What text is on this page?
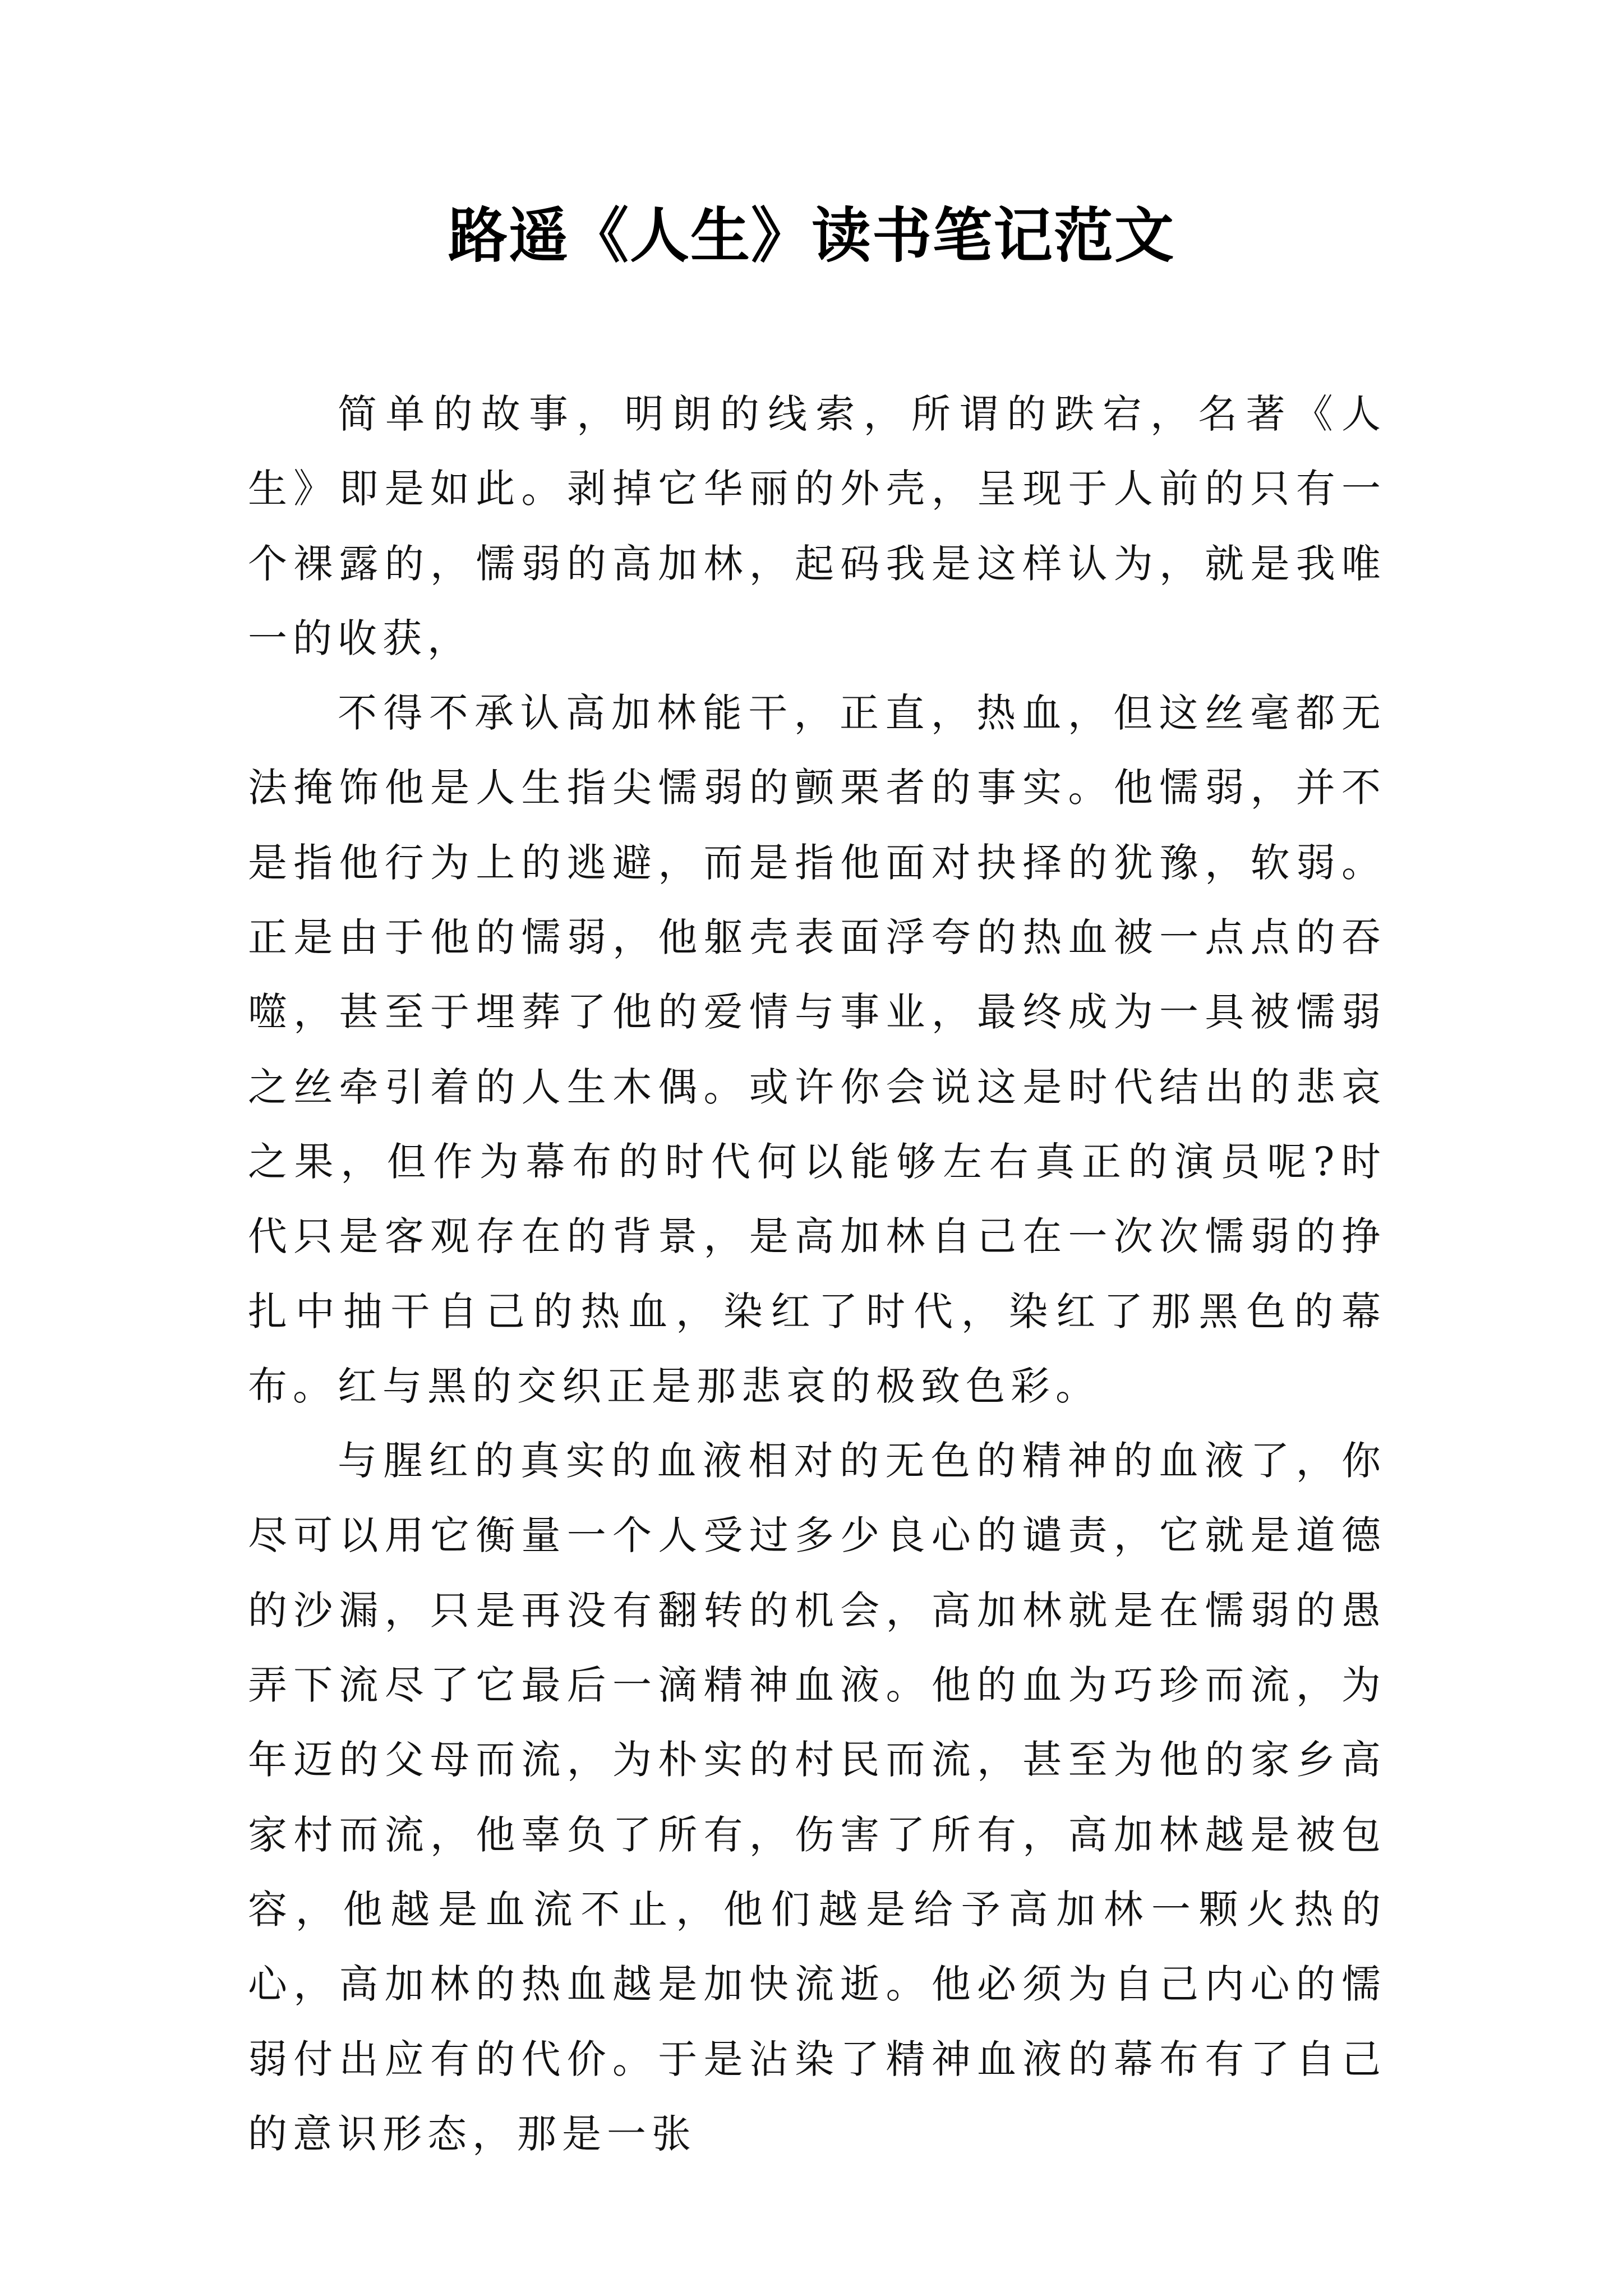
路遥《人生》读书笔记范文

简单的故事，明朗的线索，所谓的跌宕，名著《人生》即是如此。剥掉它华丽的外壳，呈现于人前的只有一个裸露的，懦弱的高加林，起码我是这样认为，就是我唯一的收获，

不得不承认高加林能干，正直，热血，但这丝毫都无法掩饰他是人生指尖懦弱的颤栗者的事实。他懦弱，并不是指他行为上的逃避，而是指他面对抉择的犹豫，软弱。正是由于他的懦弱，他躯壳表面浮夸的热血被一点点的吞噬，甚至于埋葬了他的爱情与事业，最终成为一具被懦弱之丝牵引着的人生木偶。或许你会说这是时代结出的悲哀之果，但作为幕布的时代何以能够左右真正的演员呢?时代只是客观存在的背景，是高加林自己在一次次懦弱的挣扎中抽干自己的热血，染红了时代，染红了那黑色的幕布。红与黑的交织正是那悲哀的极致色彩。

与腥红的真实的血液相对的无色的精神的血液了，你尽可以用它衡量一个人受过多少良心的谴责，它就是道德的沙漏，只是再没有翻转的机会，高加林就是在懦弱的愚弄下流尽了它最后一滴精神血液。他的血为巧珍而流，为年迈的父母而流，为朴实的村民而流，甚至为他的家乡高家村而流，他辜负了所有，伤害了所有，高加林越是被包容，他越是血流不止，他们越是给予高加林一颗火热的心，高加林的热血越是加快流逝。他必须为自己内心的懦弱付出应有的代价。于是沾染了精神血液的幕布有了自己的意识形态，那是一张
